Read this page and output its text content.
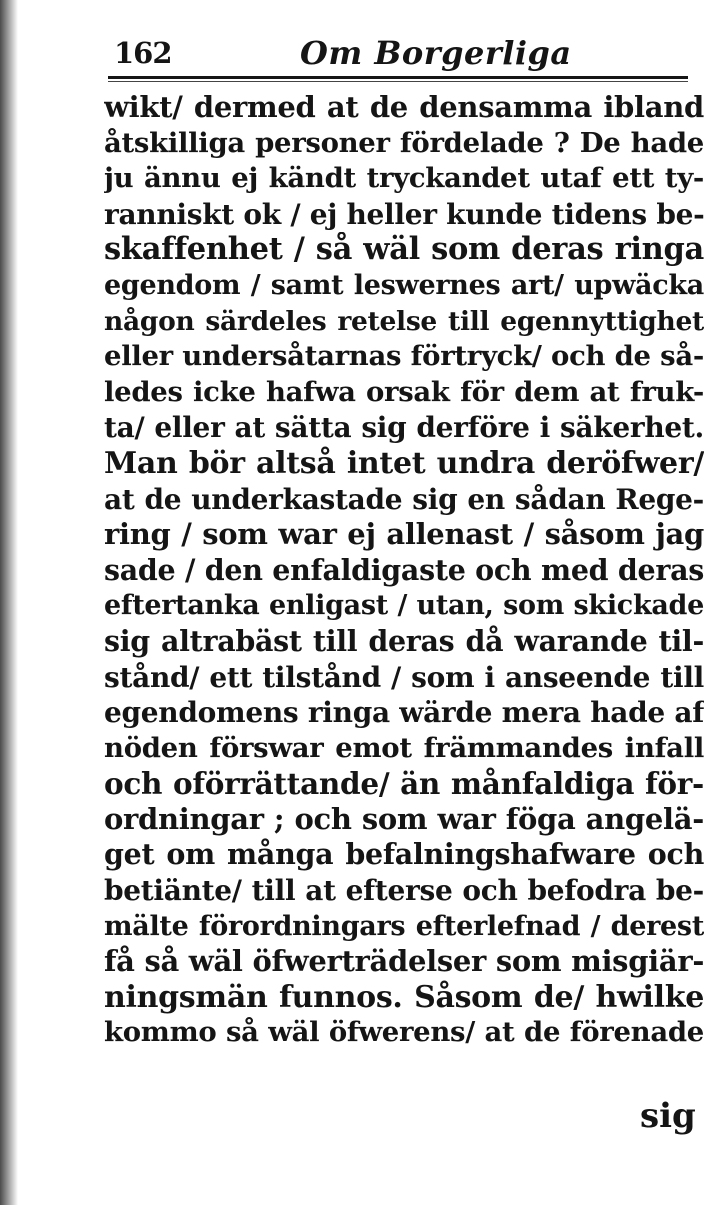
162	Om Borgerliga
wikt/ dermed at de densamma ibland
åtskilliga personer fördelade ? De hade
ju ännu ej kändt tryckandet utaf ett ty-
ranniskt ok / ej heller kunde tidens be-
skaffenhet / så wäl som deras ringa
egendom / samt leswernes art/ upwäcka
någon särdeles retelse till egennyttighet
eller undersåtarnas förtryck/ och de så-
ledes icke hafwa orsak för dem at fruk-
ta/ eller at sätta sig derföre i säkerhet.
Man bör altså intet undra deröfwer/
at de underkastade sig en sådan Rege-
ring / som war ej allenast / såsom jag
sade / den enfaldigaste och med deras
eftertanka enligast / utan, som skickade
sig altrabäst till deras då warande til-
stånd/ ett tilstånd / som i anseende till
egendomens ringa wärde mera hade af
nöden förswar emot främmandes infall
och oförrättande/ än månfaldiga för-
ordningar ; och som war föga angelä-
get om många befalningshafware och
betiänte/ till at efterse och befodra be-
mälte förordningars efterlefnad / derest
få så wäl öfwerträdelser som misgiär-
ningsmän funnos. Såsom de/ hwilke
kommo så wäl öfwerens/ at de förenade
sig
